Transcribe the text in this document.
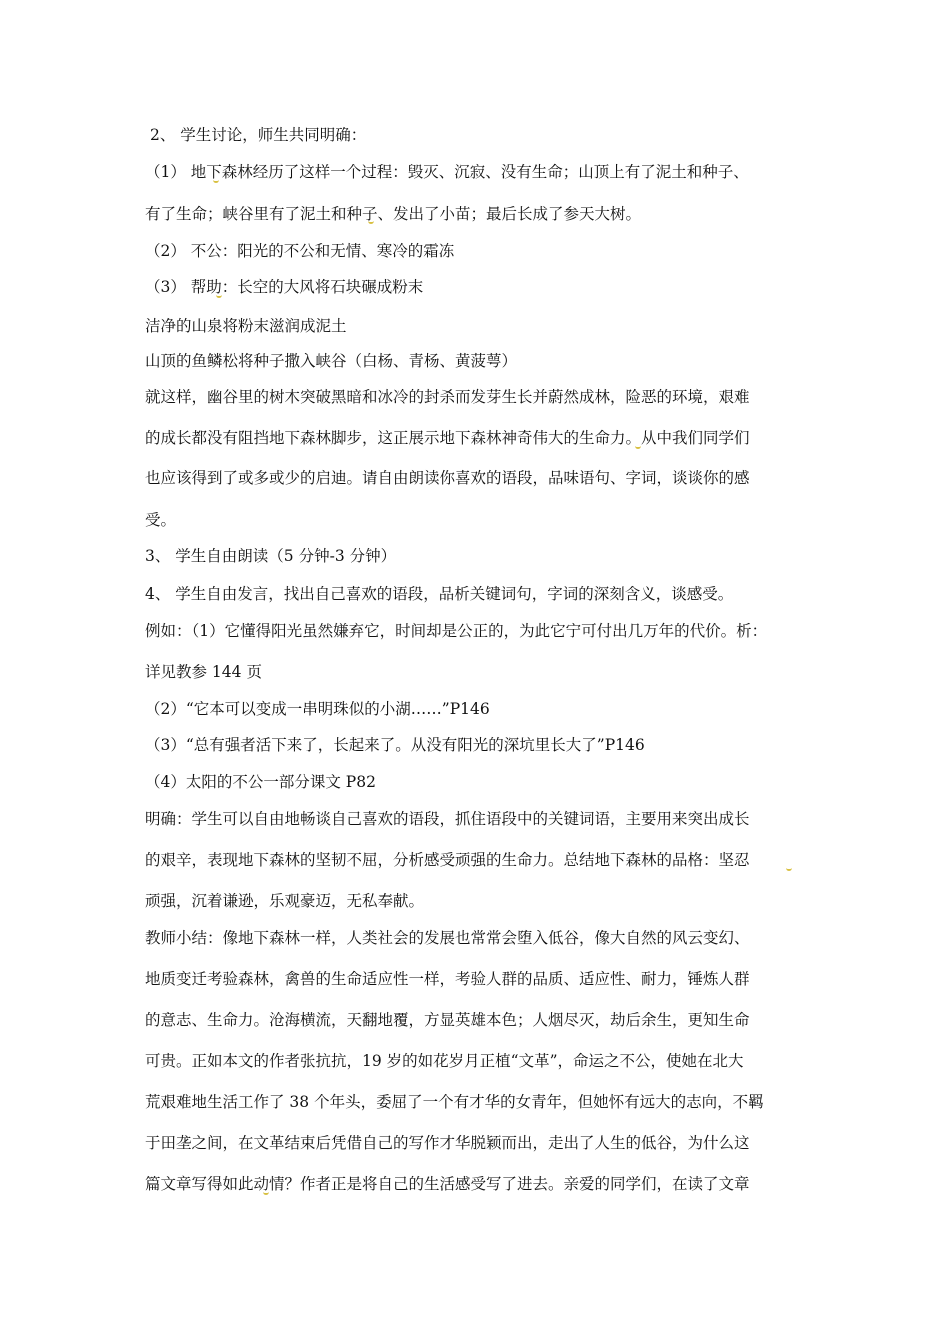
2、 学生讨论，师生共同明确：
（1） 地下森林经历了这样一个过程：毁灭、沉寂、没有生命；山顶上有了泥土和种子、
有了生命；峡谷里有了泥土和种子、发出了小苗；最后长成了参天大树。
（2） 不公：阳光的不公和无情、寒冷的霜冻
（3） 帮助：长空的大风将石块碾成粉末
洁净的山泉将粉末滋润成泥土
山顶的鱼鳞松将种子撒入峡谷（白杨、青杨、黄菠萼）
就这样，幽谷里的树木突破黑暗和冰冷的封杀而发芽生长并蔚然成林，险恶的环境，艰难
的成长都没有阻挡地下森林脚步，这正展示地下森林神奇伟大的生命力。从中我们同学们
也应该得到了或多或少的启迪。请自由朗读你喜欢的语段，品味语句、字词，谈谈你的感
受。
3、 学生自由朗读（5 分钟-3 分钟）
4、 学生自由发言，找出自己喜欢的语段，品析关键词句，字词的深刻含义，谈感受。
例如：（1）它懂得阳光虽然嫌弃它，时间却是公正的，为此它宁可付出几万年的代价。析：
详见教参 144 页
（2）“它本可以变成一串明珠似的小湖……”P146
（3）“总有强者活下来了，长起来了。从没有阳光的深坑里长大了”P146
（4）太阳的不公一部分课文 P82
明确：学生可以自由地畅谈自己喜欢的语段，抓住语段中的关键词语，主要用来突出成长
的艰辛，表现地下森林的坚韧不屈，分析感受顽强的生命力。总结地下森林的品格：坚忍
顽强，沉着谦逊，乐观豪迈，无私奉献。
教师小结：像地下森林一样，人类社会的发展也常常会堕入低谷，像大自然的风云变幻、
地质变迁考验森林，禽兽的生命适应性一样，考验人群的品质、适应性、耐力，锤炼人群
的意志、生命力。沧海横流，天翻地覆，方显英雄本色；人烟尽灭，劫后余生，更知生命
可贵。正如本文的作者张抗抗，19 岁的如花岁月正植“文革”，命运之不公，使她在北大
荒艰难地生活工作了 38 个年头，委屈了一个有才华的女青年，但她怀有远大的志向，不羁
于田垄之间，在文革结束后凭借自己的写作才华脱颖而出，走出了人生的低谷，为什么这
篇文章写得如此动情？作者正是将自己的生活感受写了进去。亲爱的同学们，在读了文章
